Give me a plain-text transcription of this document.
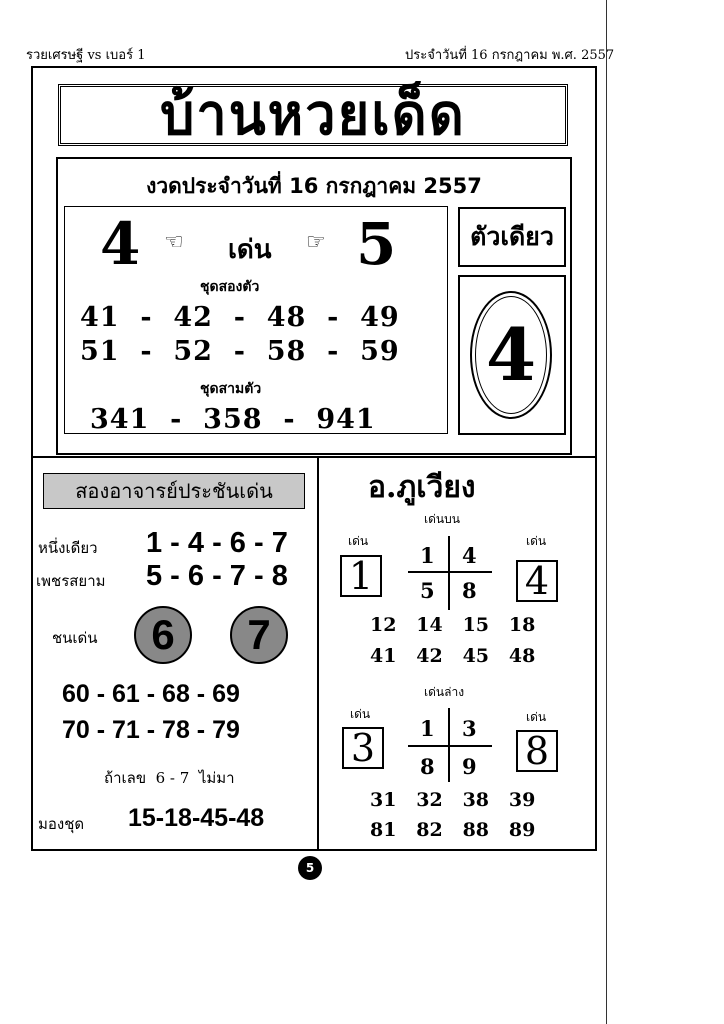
รวยเศรษฐี vs เบอร์ 1	ประจำวันที่ 16 กรกฎาคม พ.ศ. 2557
บ้านหวยเด็ด
งวดประจำวันที่ 16 กรกฎาคม 2557
4 ☜ เด่น ☞ 5
ชุดสองตัว
41  -  42  -  48  -  49
51  -  52  -  58  -  59
ชุดสามตัว
341  -  358  -  941
ตัวเดียว
4
สองอาจารย์ประชันเด่น
หนึ่งเดียว 1 - 4 - 6 - 7
เพชรสยาม 5 - 6 - 7 - 8
ชนเด่น 6 7
60 - 61 - 68 - 69
70 - 71 - 78 - 79
ถ้าเลข  6 - 7  ไม่มา
มองชุด 15-18-45-48
อ.ภูเวียง
เด่นบน
เด่น	เด่น
1	4
1 4
5 8
12   14   15   18
41   42   45   48
เด่นล่าง
เด่น	เด่น
3	8
1 3
8 9
31   32   38   39
81   82   88   89
5
